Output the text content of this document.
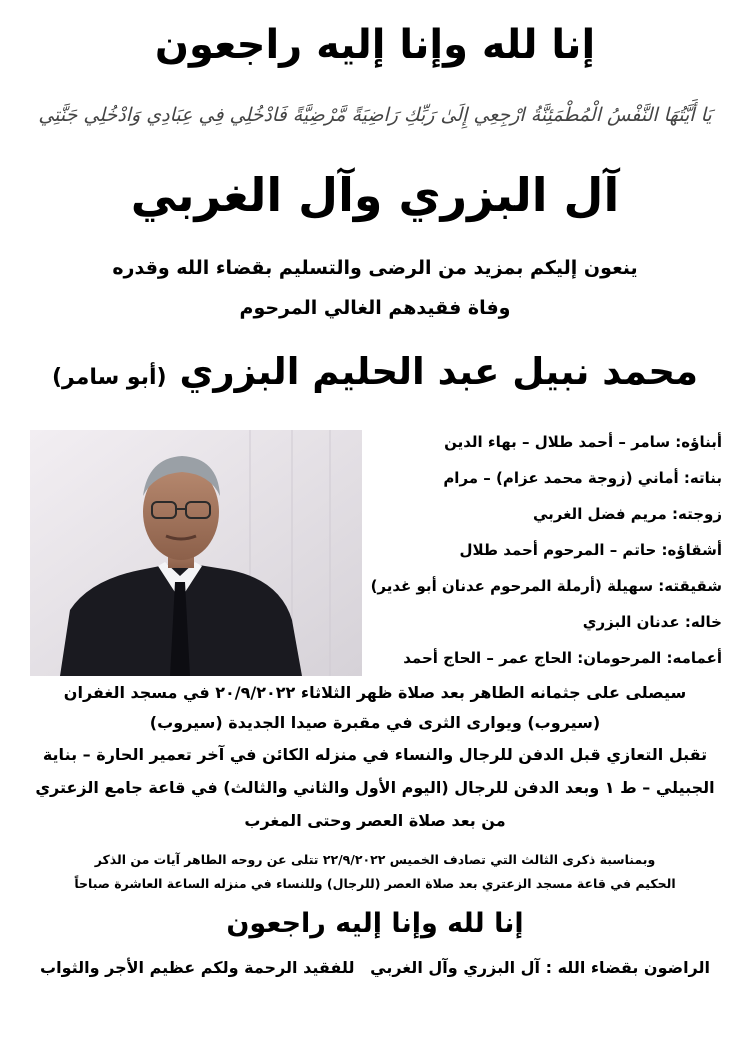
إنا لله وإنا إليه راجعون
يَا أَيَّتُهَا النَّفْسُ الْمُطْمَئِنَّةُ ارْجِعِي إِلَىٰ رَبِّكِ رَاضِيَةً مَّرْضِيَّةً فَادْخُلِي فِي عِبَادِي وَادْخُلِي جَنَّتِي
آل البزري وآل الغربي
ينعون إليكم بمزيد من الرضى والتسليم بقضاء الله وقدره
وفاة فقيدهم الغالي المرحوم
محمد نبيل عبد الحليم البزري (أبو سامر)
أبناؤه: سامر – أحمد طلال – بهاء الدين
بناته: أماني (زوجة محمد عزام) – مرام
زوجته: مريم فضل الغربي
أشقاؤه: حاتم – المرحوم أحمد طلال
شقيقته: سهيلة (أرملة المرحوم عدنان أبو غدير)
خاله: عدنان البزري
أعمامه: المرحومان: الحاج عمر – الحاج أحمد
سيصلى على جثمانه الطاهر بعد صلاة ظهر الثلاثاء ٢٠/٩/٢٠٢٢ في مسجد الغفران
(سيروب) ويوارى الثرى في مقبرة صيدا الجديدة (سيروب)
تقبل التعازي قبل الدفن للرجال والنساء في منزله الكائن في آخر تعمير الحارة – بناية
الجبيلي – ط ١ وبعد الدفن للرجال (اليوم الأول والثاني والثالث) في قاعة جامع الزعتري
من بعد صلاة العصر وحتى المغرب
وبمناسبة ذكرى الثالث التي تصادف الخميس ٢٢/٩/٢٠٢٢ تتلى عن روحه الطاهر آيات من الذكر
الحكيم في قاعة مسجد الزعتري بعد صلاة العصر (للرجال) وللنساء في منزله الساعة العاشرة صباحاً
إنا لله وإنا إليه راجعون
الراضون بقضاء الله : آل البزري وآل الغربي
للفقيد الرحمة ولكم عظيم الأجر والثواب
